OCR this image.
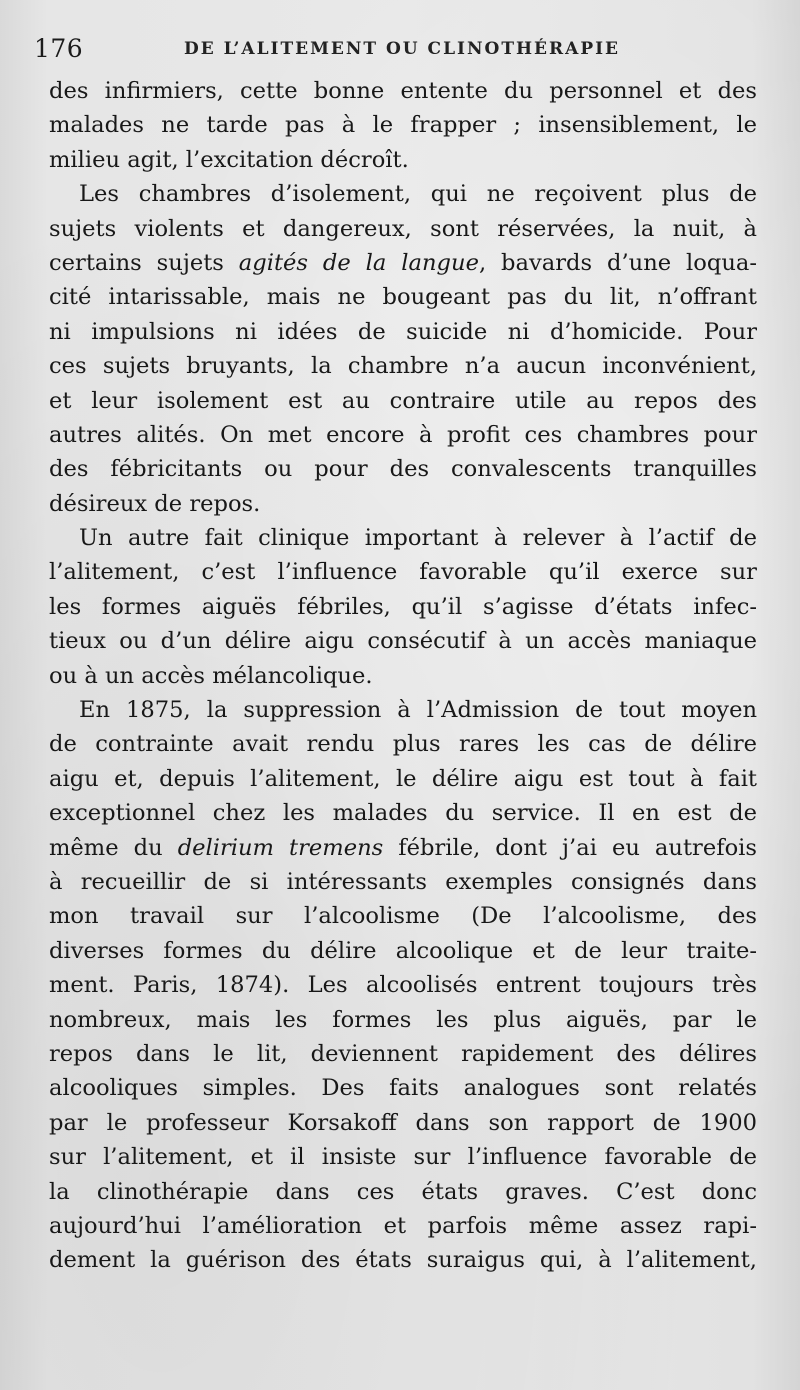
176	DE L’ALITEMENT OU CLINOTHÉRAPIE
des infirmiers, cette bonne entente du personnel et des
malades ne tarde pas à le frapper ; insensiblement, le
milieu agit, l’excitation décroît.
Les chambres d’isolement, qui ne reçoivent plus de
sujets violents et dangereux, sont réservées, la nuit, à
certains sujets agités de la langue, bavards d’une loqua-
cité intarissable, mais ne bougeant pas du lit, n’offrant
ni impulsions ni idées de suicide ni d’homicide. Pour
ces sujets bruyants, la chambre n’a aucun inconvénient,
et leur isolement est au contraire utile au repos des
autres alités. On met encore à profit ces chambres pour
des fébricitants ou pour des convalescents tranquilles
désireux de repos.
Un autre fait clinique important à relever à l’actif de
l’alitement, c’est l’influence favorable qu’il exerce sur
les formes aiguës fébriles, qu’il s’agisse d’états infec-
tieux ou d’un délire aigu consécutif à un accès maniaque
ou à un accès mélancolique.
En 1875, la suppression à l’Admission de tout moyen
de contrainte avait rendu plus rares les cas de délire
aigu et, depuis l’alitement, le délire aigu est tout à fait
exceptionnel chez les malades du service. Il en est de
même du delirium tremens fébrile, dont j’ai eu autrefois
à recueillir de si intéressants exemples consignés dans
mon travail sur l’alcoolisme (De l’alcoolisme, des
diverses formes du délire alcoolique et de leur traite-
ment. Paris, 1874). Les alcoolisés entrent toujours très
nombreux, mais les formes les plus aiguës, par le
repos dans le lit, deviennent rapidement des délires
alcooliques simples. Des faits analogues sont relatés
par le professeur Korsakoff dans son rapport de 1900
sur l’alitement, et il insiste sur l’influence favorable de
la clinothérapie dans ces états graves. C’est donc
aujourd’hui l’amélioration et parfois même assez rapi-
dement la guérison des états suraigus qui, à l’alitement,
